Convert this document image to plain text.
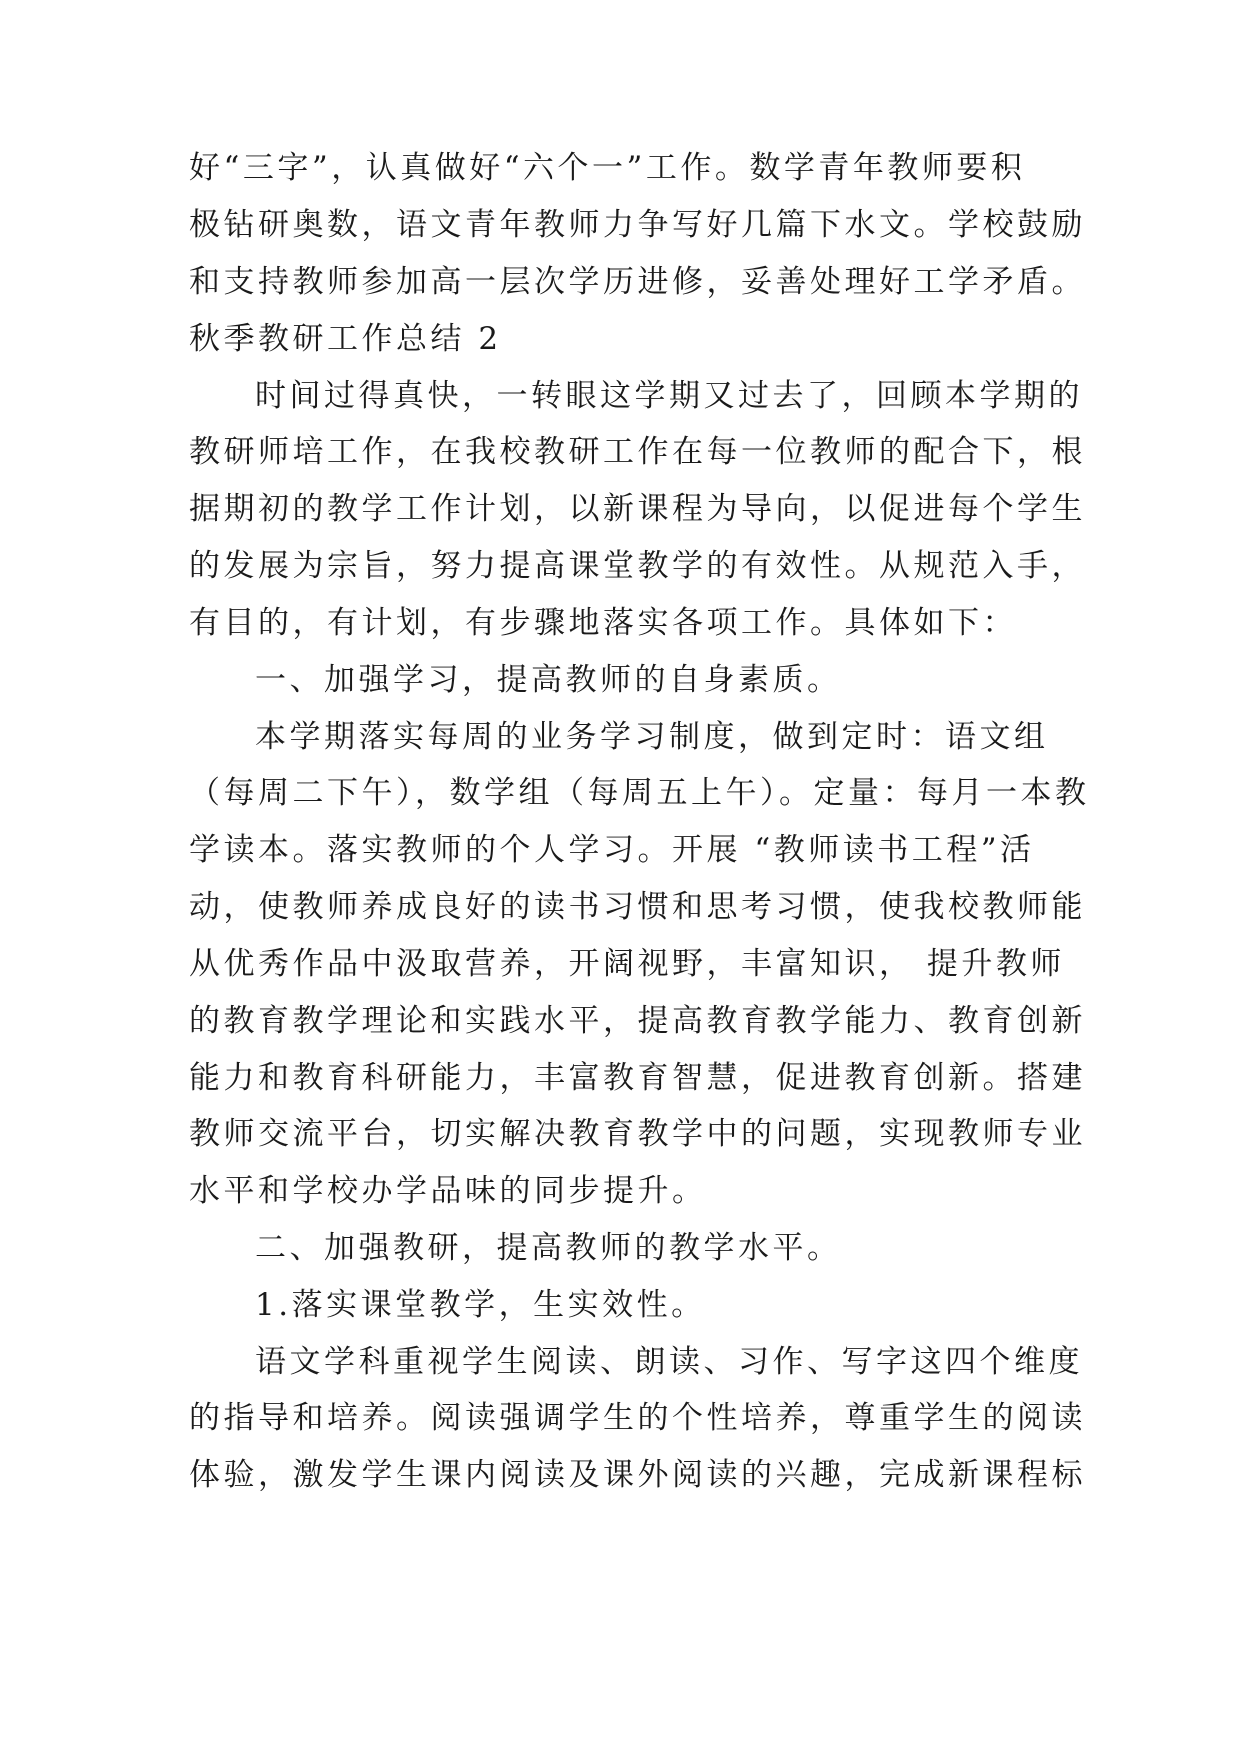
好“三字”，认真做好“六个一”工作。数学青年教师要积
极钻研奥数，语文青年教师力争写好几篇下水文。学校鼓励
和支持教师参加高一层次学历进修，妥善处理好工学矛盾。
秋季教研工作总结 2
时间过得真快，一转眼这学期又过去了，回顾本学期的
教研师培工作，在我校教研工作在每一位教师的配合下，根
据期初的教学工作计划，以新课程为导向，以促进每个学生
的发展为宗旨，努力提高课堂教学的有效性。从规范入手，
有目的，有计划，有步骤地落实各项工作。具体如下：
一、加强学习，提高教师的自身素质。
本学期落实每周的业务学习制度，做到定时：语文组
（每周二下午），数学组（每周五上午）。定量：每月一本教
学读本。落实教师的个人学习。开展 “教师读书工程”活
动，使教师养成良好的读书习惯和思考习惯，使我校教师能
从优秀作品中汲取营养，开阔视野，丰富知识， 提升教师
的教育教学理论和实践水平，提高教育教学能力、教育创新
能力和教育科研能力，丰富教育智慧，促进教育创新。搭建
教师交流平台，切实解决教育教学中的问题，实现教师专业
水平和学校办学品味的同步提升。
二、加强教研，提高教师的教学水平。
1.落实课堂教学，生实效性。
语文学科重视学生阅读、朗读、习作、写字这四个维度
的指导和培养。阅读强调学生的个性培养，尊重学生的阅读
体验，激发学生课内阅读及课外阅读的兴趣，完成新课程标
